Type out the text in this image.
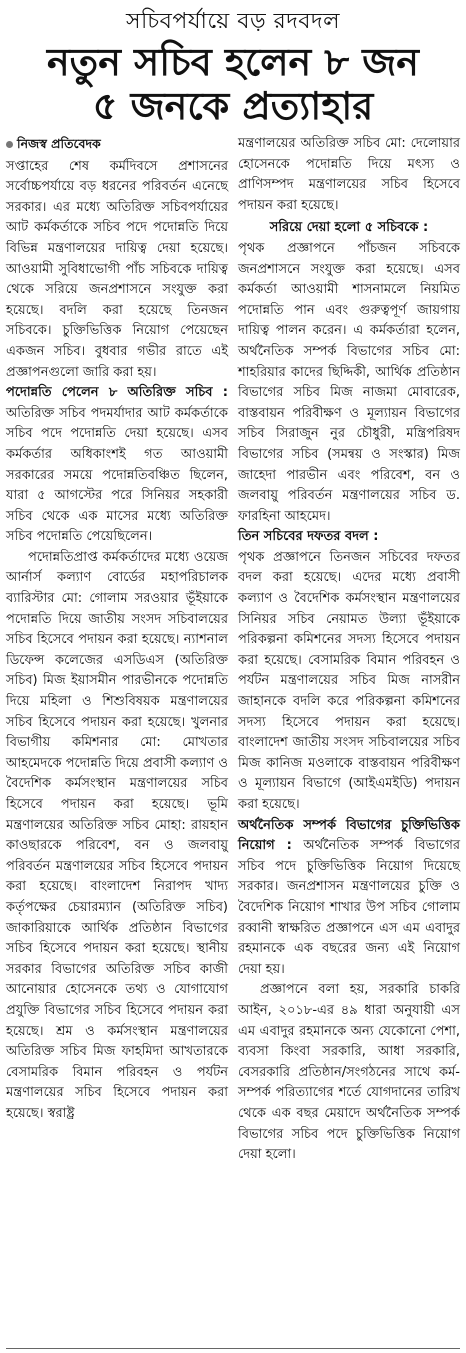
সচিবপর্যায়ে বড় রদবদল
নতুন সচিব হলেন ৮ জন
৫ জনকে প্রত্যাহার
নিজস্ব প্রতিবেদক

সপ্তাহের শেষ কর্মদিবসে প্রশাসনের সর্বোচ্চপর্যায়ে বড় ধরনের পরিবর্তন এনেছে সরকার। এর মধ্যে অতিরিক্ত সচিবপর্যায়ের আট কর্মকর্তাকে সচিব পদে পদোন্নতি দিয়ে বিভিন্ন মন্ত্রণালয়ের দায়িত্ব দেয়া হয়েছে। আওয়ামী সুবিধাভোগী পাঁচ সচিবকে দায়িত্ব থেকে সরিয়ে জনপ্রশাসনে সংযুক্ত করা হয়েছে। বদলি করা হয়েছে তিনজন সচিবকে। চুক্তিভিত্তিক নিয়োগ পেয়েছেন একজন সচিব। বুধবার গভীর রাতে এই প্রজ্ঞাপনগুলো জারি করা হয়।

পদোন্নতি পেলেন ৮ অতিরিক্ত সচিব : অতিরিক্ত সচিব পদমর্যাদার আট কর্মকর্তাকে সচিব পদে পদোন্নতি দেয়া হয়েছে। এসব কর্মকর্তার অধিকাংশই গত আওয়ামী সরকারের সময়ে পদোন্নতিবঞ্চিত ছিলেন, যারা ৫ আগস্টের পরে সিনিয়র সহকারী সচিব থেকে এক মাসের মধ্যে অতিরিক্ত সচিব পদোন্নতি পেয়েছিলেন।

পদোন্নতিপ্রাপ্ত কর্মকর্তাদের মধ্যে ওয়েজ আর্নার্স কল্যাণ বোর্ডের মহাপরিচালক ব্যারিস্টার মো: গোলাম সরওয়ার ভূঁইয়াকে পদোন্নতি দিয়ে জাতীয় সংসদ সচিবালয়ের সচিব হিসেবে পদায়ন করা হয়েছে। ন্যাশনাল ডিফেন্স কলেজের এসডিএস (অতিরিক্ত সচিব) মিজ ইয়াসমীন পারভীনকে পদোন্নতি দিয়ে মহিলা ও শিশুবিষয়ক মন্ত্রণালয়ের সচিব হিসেবে পদায়ন করা হয়েছে। খুলনার বিভাগীয় কমিশনার মো: মোখতার আহমেদকে পদোন্নতি দিয়ে প্রবাসী কল্যাণ ও বৈদেশিক কর্মসংস্থান মন্ত্রণালয়ের সচিব হিসেবে পদায়ন করা হয়েছে। ভূমি মন্ত্রণালয়ের অতিরিক্ত সচিব মোহা: রায়হান কাওছারকে পরিবেশ, বন ও জলবায়ু পরিবর্তন মন্ত্রণালয়ের সচিব হিসেবে পদায়ন করা হয়েছে। বাংলাদেশ নিরাপদ খাদ্য কর্তৃপক্ষের চেয়ারম্যান (অতিরিক্ত সচিব) জাকারিয়াকে আর্থিক প্রতিষ্ঠান বিভাগের সচিব হিসেবে পদায়ন করা হয়েছে। স্থানীয় সরকার বিভাগের অতিরিক্ত সচিব কাজী আনোয়ার হোসেনকে তথ্য ও যোগাযোগ প্রযুক্তি বিভাগের সচিব হিসেবে পদায়ন করা হয়েছে। শ্রম ও কর্মসংস্থান মন্ত্রণালয়ের অতিরিক্ত সচিব মিজ ফাহমিদা আখতারকে বেসামরিক বিমান পরিবহন ও পর্যটন মন্ত্রণালয়ের সচিব হিসেবে পদায়ন করা হয়েছে। স্বরাষ্ট্র

মন্ত্রণালয়ের অতিরিক্ত সচিব মো: দেলোয়ার হোসেনকে পদোন্নতি দিয়ে মৎস্য ও প্রাণিসম্পদ মন্ত্রণালয়ের সচিব হিসেবে পদায়ন করা হয়েছে।

সরিয়ে দেয়া হলো ৫ সচিবকে :

পৃথক প্রজ্ঞাপনে পাঁচজন সচিবকে জনপ্রশাসনে সংযুক্ত করা হয়েছে। এসব কর্মকর্তা আওয়ামী শাসনামলে নিয়মিত পদোন্নতি পান এবং গুরুত্বপূর্ণ জায়গায় দায়িত্ব পালন করেন। এ কর্মকর্তারা হলেন, অর্থনৈতিক সম্পর্ক বিভাগের সচিব মো: শাহরিয়ার কাদের ছিদ্দিকী, আর্থিক প্রতিষ্ঠান বিভাগের সচিব মিজ নাজমা মোবারেক, বাস্তবায়ন পরিবীক্ষণ ও মূল্যায়ন বিভাগের সচিব সিরাজুন নুর চৌধুরী, মন্ত্রিপরিষদ বিভাগের সচিব (সমন্বয় ও সংস্কার) মিজ জাহেদা পারভীন এবং পরিবেশ, বন ও জলবায়ু পরিবর্তন মন্ত্রণালয়ের সচিব ড. ফারহিনা আহমেদ।

তিন সচিবের দফতর বদল :

পৃথক প্রজ্ঞাপনে তিনজন সচিবের দফতর বদল করা হয়েছে। এদের মধ্যে প্রবাসী কল্যাণ ও বৈদেশিক কর্মসংস্থান মন্ত্রণালয়ের সিনিয়র সচিব নেয়ামত উল্যা ভূঁইয়াকে পরিকল্পনা কমিশনের সদস্য হিসেবে পদায়ন করা হয়েছে। বেসামরিক বিমান পরিবহন ও পর্যটন মন্ত্রণালয়ের সচিব মিজ নাসরীন জাহানকে বদলি করে পরিকল্পনা কমিশনের সদস্য হিসেবে পদায়ন করা হয়েছে। বাংলাদেশ জাতীয় সংসদ সচিবালয়ের সচিব মিজ কানিজ মওলাকে বাস্তবায়ন পরিবীক্ষণ ও মূল্যায়ন বিভাগে (আইএমইডি) পদায়ন করা হয়েছে।

অর্থনৈতিক সম্পর্ক বিভাগের চুক্তিভিত্তিক নিয়োগ : অর্থনৈতিক সম্পর্ক বিভাগের সচিব পদে চুক্তিভিত্তিক নিয়োগ দিয়েছে সরকার। জনপ্রশাসন মন্ত্রণালয়ের চুক্তি ও বৈদেশিক নিয়োগ শাখার উপ সচিব গোলাম রব্বানী স্বাক্ষরিত প্রজ্ঞাপনে এস এম এবাদুর রহমানকে এক বছরের জন্য এই নিয়োগ দেয়া হয়।

প্রজ্ঞাপনে বলা হয়, সরকারি চাকরি আইন, ২০১৮-এর ৪৯ ধারা অনুযায়ী এস এম এবাদুর রহমানকে অন্য যেকোনো পেশা, ব্যবসা কিংবা সরকারি, আধা সরকারি, বেসরকারি প্রতিষ্ঠান/সংগঠনের সাথে কর্ম-সম্পর্ক পরিত্যাগের শর্তে যোগদানের তারিখ থেকে এক বছর মেয়াদে অর্থনৈতিক সম্পর্ক বিভাগের সচিব পদে চুক্তিভিত্তিক নিয়োগ দেয়া হলো।
